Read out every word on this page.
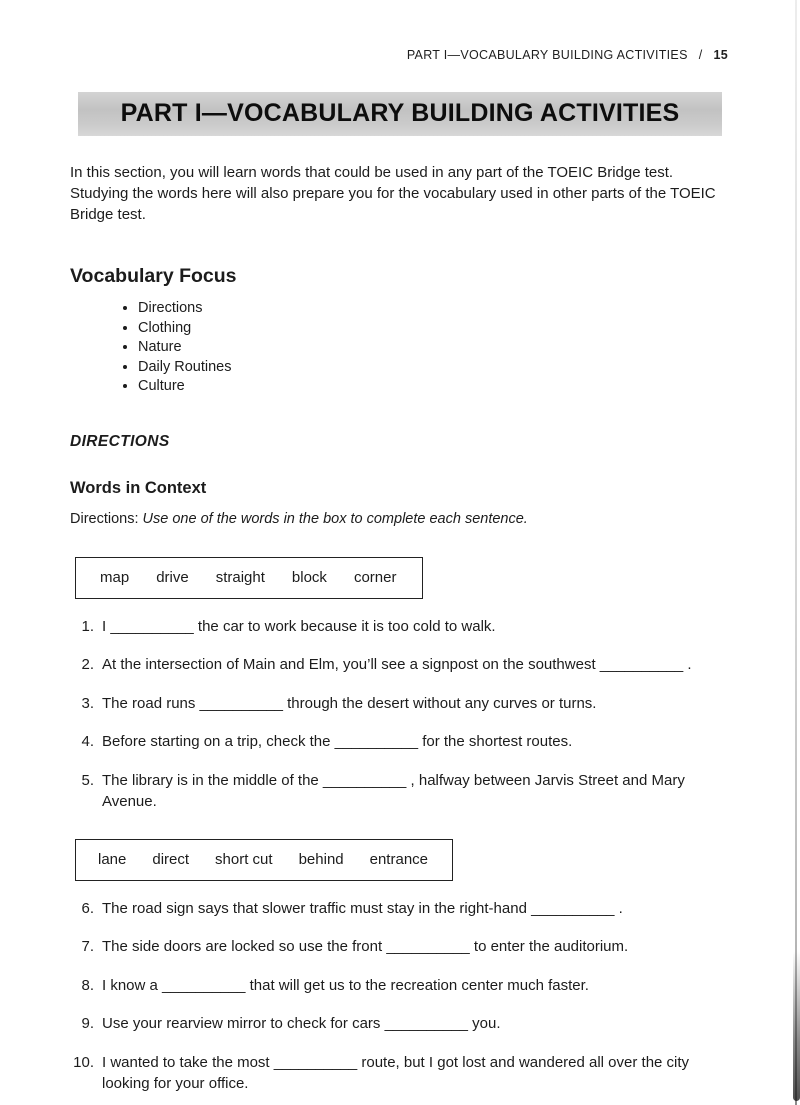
PART I—VOCABULARY BUILDING ACTIVITIES / 15
PART I—VOCABULARY BUILDING ACTIVITIES

In this section, you will learn words that could be used in any part of the TOEIC Bridge test. Studying the words here will also prepare you for the vocabulary used in other parts of the TOEIC Bridge test.

Vocabulary Focus
• Directions
• Clothing
• Nature
• Daily Routines
• Culture
DIRECTIONS
Words in Context

Directions: Use one of the words in the box to complete each sentence.

map drive straight block corner
1. I __________ the car to work because it is too cold to walk.
2. At the intersection of Main and Elm, you’ll see a signpost on the southwest __________ .
3. The road runs __________ through the desert without any curves or turns.
4. Before starting on a trip, check the __________ for the shortest routes.
5. The library is in the middle of the __________ , halfway between Jarvis Street and Mary Avenue.
lane direct short cut behind entrance
6. The road sign says that slower traffic must stay in the right-hand __________ .
7. The side doors are locked so use the front __________ to enter the auditorium.
8. I know a __________ that will get us to the recreation center much faster.
9. Use your rearview mirror to check for cars __________ you.
10. I wanted to take the most __________ route, but I got lost and wandered all over the city looking for your office.
